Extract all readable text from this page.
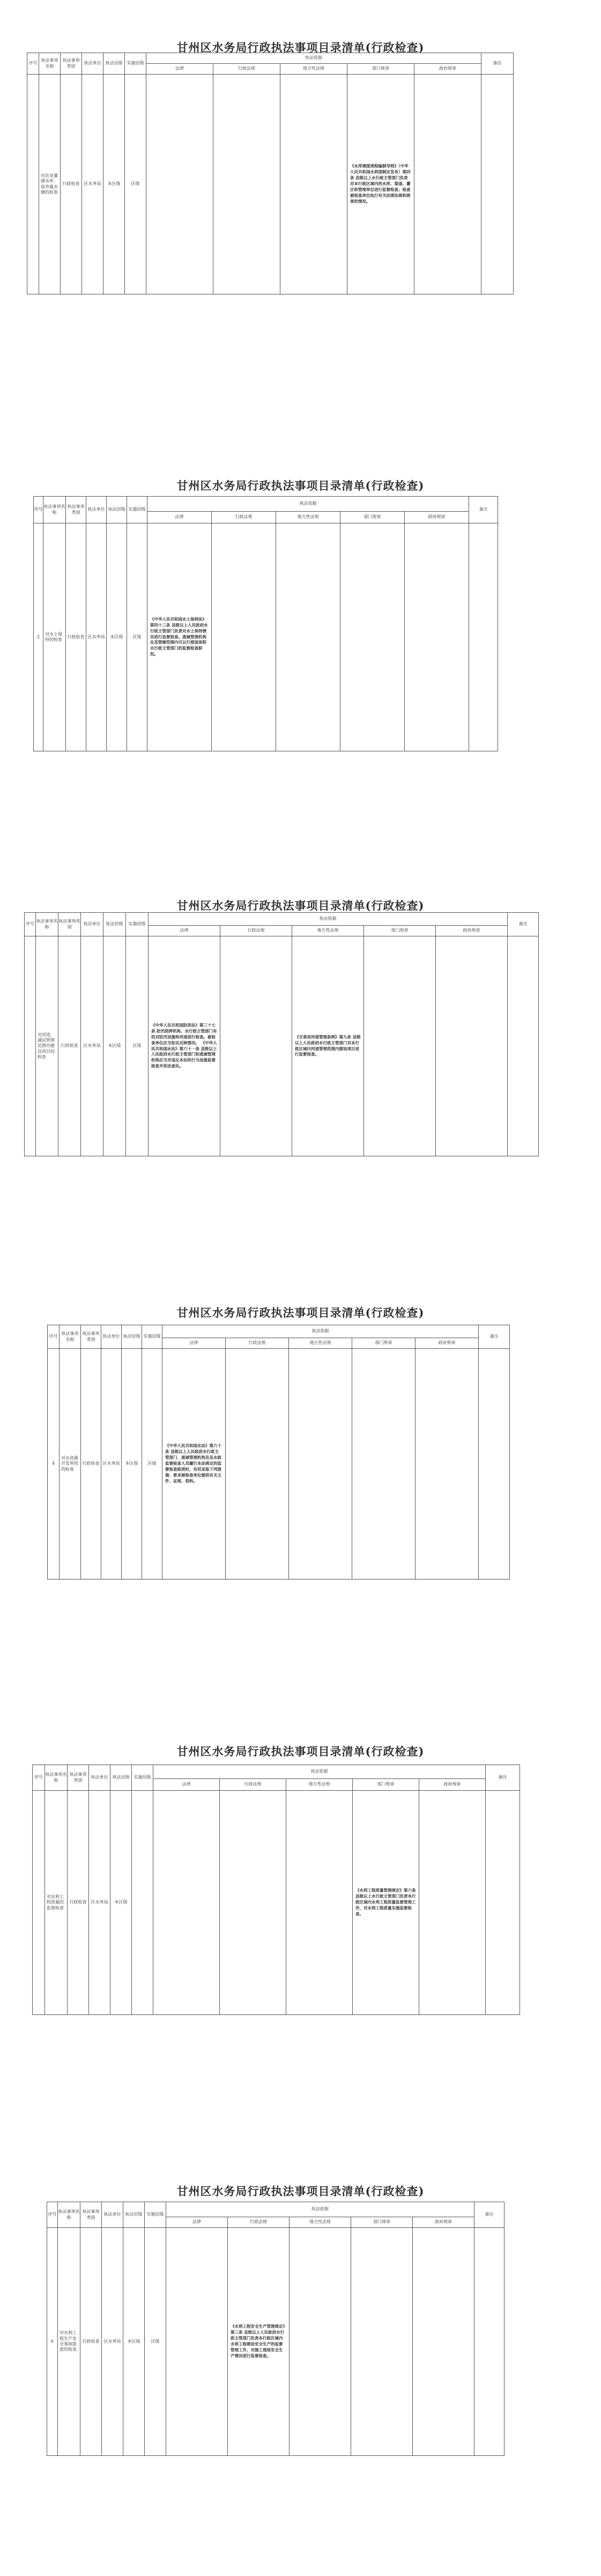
甘州区水务局行政执法事项目录清单(行政检查)
序号	执法事项名称	执法事项类别	执法单位	执法层级	实施层级	执法依据					备注
						法律	行政法规	地方性法规	部门规章	政府规章	
	对农业灌溉水库、雨养量水塘的检查	行政检查	区水务局	本区级	区级				《水库调度规程编制导则》（中华人民共和国水利部制定发布）第四条 县级以上水行政主管部门负责对本行政区域内的水库、渠道、灌区和管理单位进行监督检查；检查被检查单位执行有关法律法规和规章的情况。		
甘州区水务局行政执法事项目录清单(行政检查)
序号	执法事项名称	执法事项类别	执法单位	执法层级	实施层级	执法依据					备注
						法律	行政法规	地方性法规	部门规章	政府规章	
2	对水土保持的检查	行政检查	区水务局	本区级	区级	《中华人民共和国水土保持法》第四十三条 县级以上人民政府水行政主管部门负责对水土保持情况进行监督检查。流域管理机构在其管辖范围内可以行使国务院水行政主管部门的监督检查职权。					
甘州区水务局行政执法事项目录清单(行政检查)
序号	执法事项名称	执法事项类别	执法单位	执法层级	实施层级	执法依据					备注
						法律	行政法规	地方性法规	部门规章	政府规章	
	对河道、湖泊管理范围内建设项目的检查	行政检查	区水务局	本区级	区级	《中华人民共和国防洪法》第三十七条 防汛指挥机构、水行政主管部门有权对防汛设施和河道进行检查。被检查单位应当如实反映情况。 《中华人民共和国水法》第六十一条 县级以上人民政府水行政主管部门和流域管理机构应当对违反本法的行为加强监督检查并依法查处。		《甘肃省河道管理条例》第九条 县级以上人民政府水行政主管部门对本行政区域内河道管理范围内建设项目进行监督检查。			
甘州区水务局行政执法事项目录清单(行政检查)
序号	执法事项名称	执法事项类别	执法单位	执法层级	实施层级	执法依据					备注
						法律	行政法规	地方性法规	部门规章	政府规章	
4	对水资源开发利用的检查	行政检查	区水务局	本区级	区级	《中华人民共和国水法》第六十条 县级以上人民政府水行政主管部门、流域管理机构及其水政监督检查人员履行本法规定的监督检查职责时，有权采取下列措施：要求被检查单位提供有关文件、证照、资料。					
甘州区水务局行政执法事项目录清单(行政检查)
序号	执法事项名称	执法事项类别	执法单位	执法层级	实施层级	执法依据					备注
						法律	行政法规	地方性法规	部门规章	政府规章	
	对水利工程质量的监督检查	行政检查	区水务局	本区级					《水利工程质量管理规定》第六条 县级以上水行政主管部门负责本行政区域内水利工程质量监督管理工作，对水利工程质量实施监督检查。		
甘州区水务局行政执法事项目录清单(行政检查)
序号	执法事项名称	执法事项类别	执法单位	执法层级	实施层级	执法依据					备注
						法律	行政法规	地方性法规	部门规章	政府规章	
6	对水利工程生产安全事故隐患的检查	行政检查	区水务局	本区级	区级		《水利工程安全生产管理规定》第三条 县级以上人民政府水行政主管部门负责本行政区域内水利工程建设安全生产的监督管理工作，对施工现场安全生产情况进行监督检查。				
